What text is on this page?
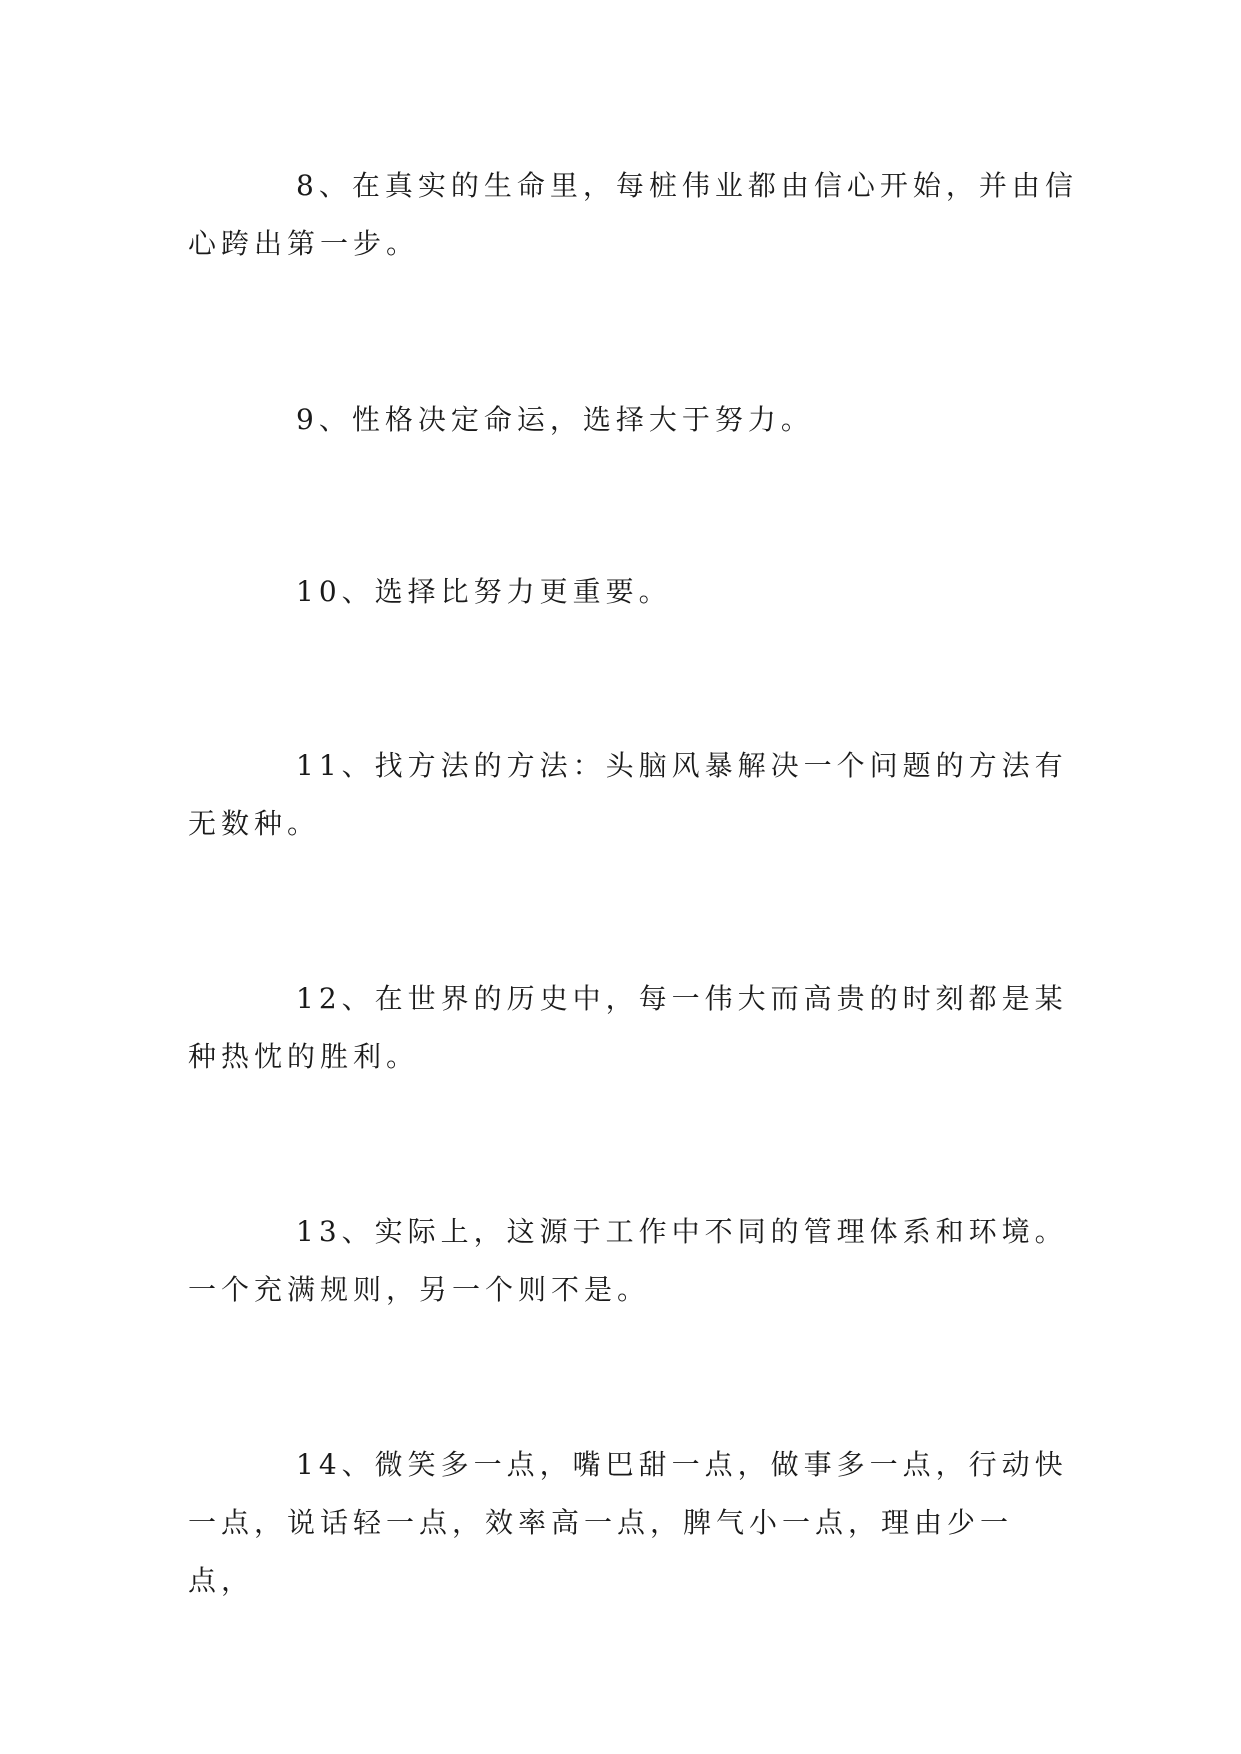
8、在真实的生命里，每桩伟业都由信心开始，并由信心跨出第一步。

9、性格决定命运，选择大于努力。

10、选择比努力更重要。

11、找方法的方法：头脑风暴解决一个问题的方法有无数种。

12、在世界的历史中，每一伟大而高贵的时刻都是某种热忱的胜利。

13、实际上，这源于工作中不同的管理体系和环境。一个充满规则，另一个则不是。

14、微笑多一点，嘴巴甜一点，做事多一点，行动快一点，说话轻一点，效率高一点，脾气小一点，理由少一点，
